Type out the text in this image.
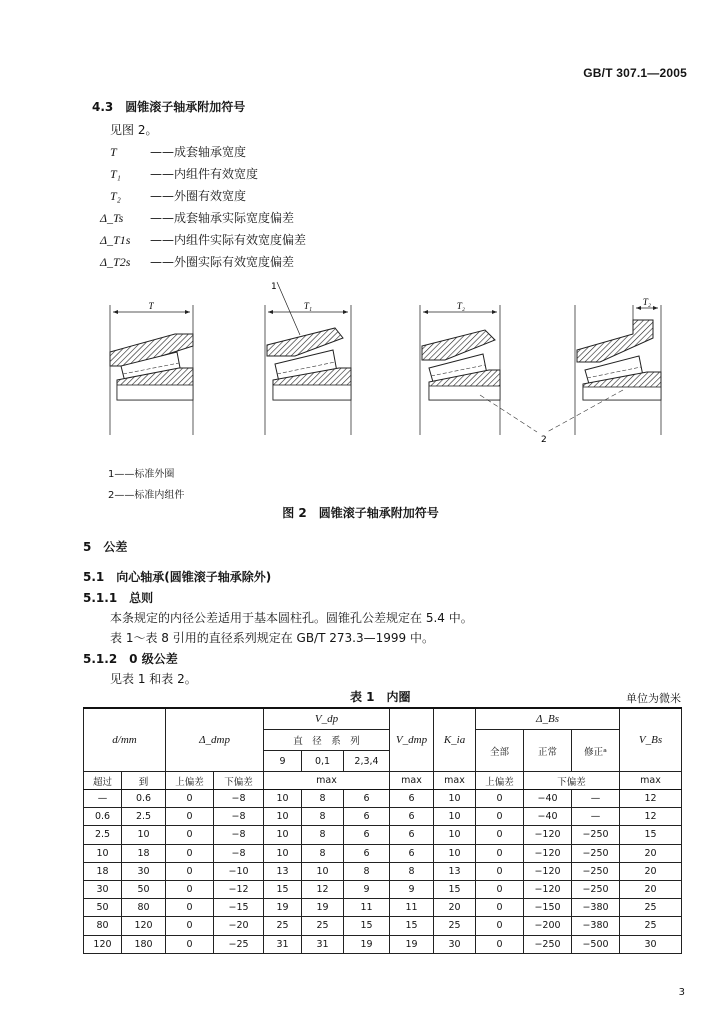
GB/T 307.1—2005
4.3　圆锥滚子轴承附加符号
见图 2。
T	——成套轴承宽度
T₁ ——内组件有效宽度
T₂ ——外圈有效宽度
Δ_Ts ——成套轴承实际宽度偏差
Δ_T1s ——内组件实际有效宽度偏差
Δ_T2s ——外圈实际有效宽度偏差
T	T₁
1
T₂	T₂
2
1——标准外圈
2——标准内组件
图 2　圆锥滚子轴承附加符号
5　公差
5.1　向心轴承(圆锥滚子轴承除外)
5.1.1　总则
本条规定的内径公差适用于基本圆柱孔。圆锥孔公差规定在 5.4 中。
表 1～表 8 引用的直径系列规定在 GB/T 273.3—1999 中。
5.1.2　0 级公差
见表 1 和表 2。
表 1　内圈	单位为微米
d/mm		Δ_dmp		V_dp			V_dmp	K_ia	Δ_Bs			V_Bs
				直　径　系　列					全部	正常	修正ᵃ	
				9	0,1	2,3,4						
超过	到	上偏差	下偏差	max			max	max	上偏差	下偏差		max
—	0.6	0	−8	10	8	6	6	10	0	−40	—	12
0.6	2.5	0	−8	10	8	6	6	10	0	−40	—	12
2.5	10	0	−8	10	8	6	6	10	0	−120	−250	15
10	18	0	−8	10	8	6	6	10	0	−120	−250	20
18	30	0	−10	13	10	8	8	13	0	−120	−250	20
30	50	0	−12	15	12	9	9	15	0	−120	−250	20
50	80	0	−15	19	19	11	11	20	0	−150	−380	25
80	120	0	−20	25	25	15	15	25	0	−200	−380	25
120	180	0	−25	31	31	19	19	30	0	−250	−500	30
3
